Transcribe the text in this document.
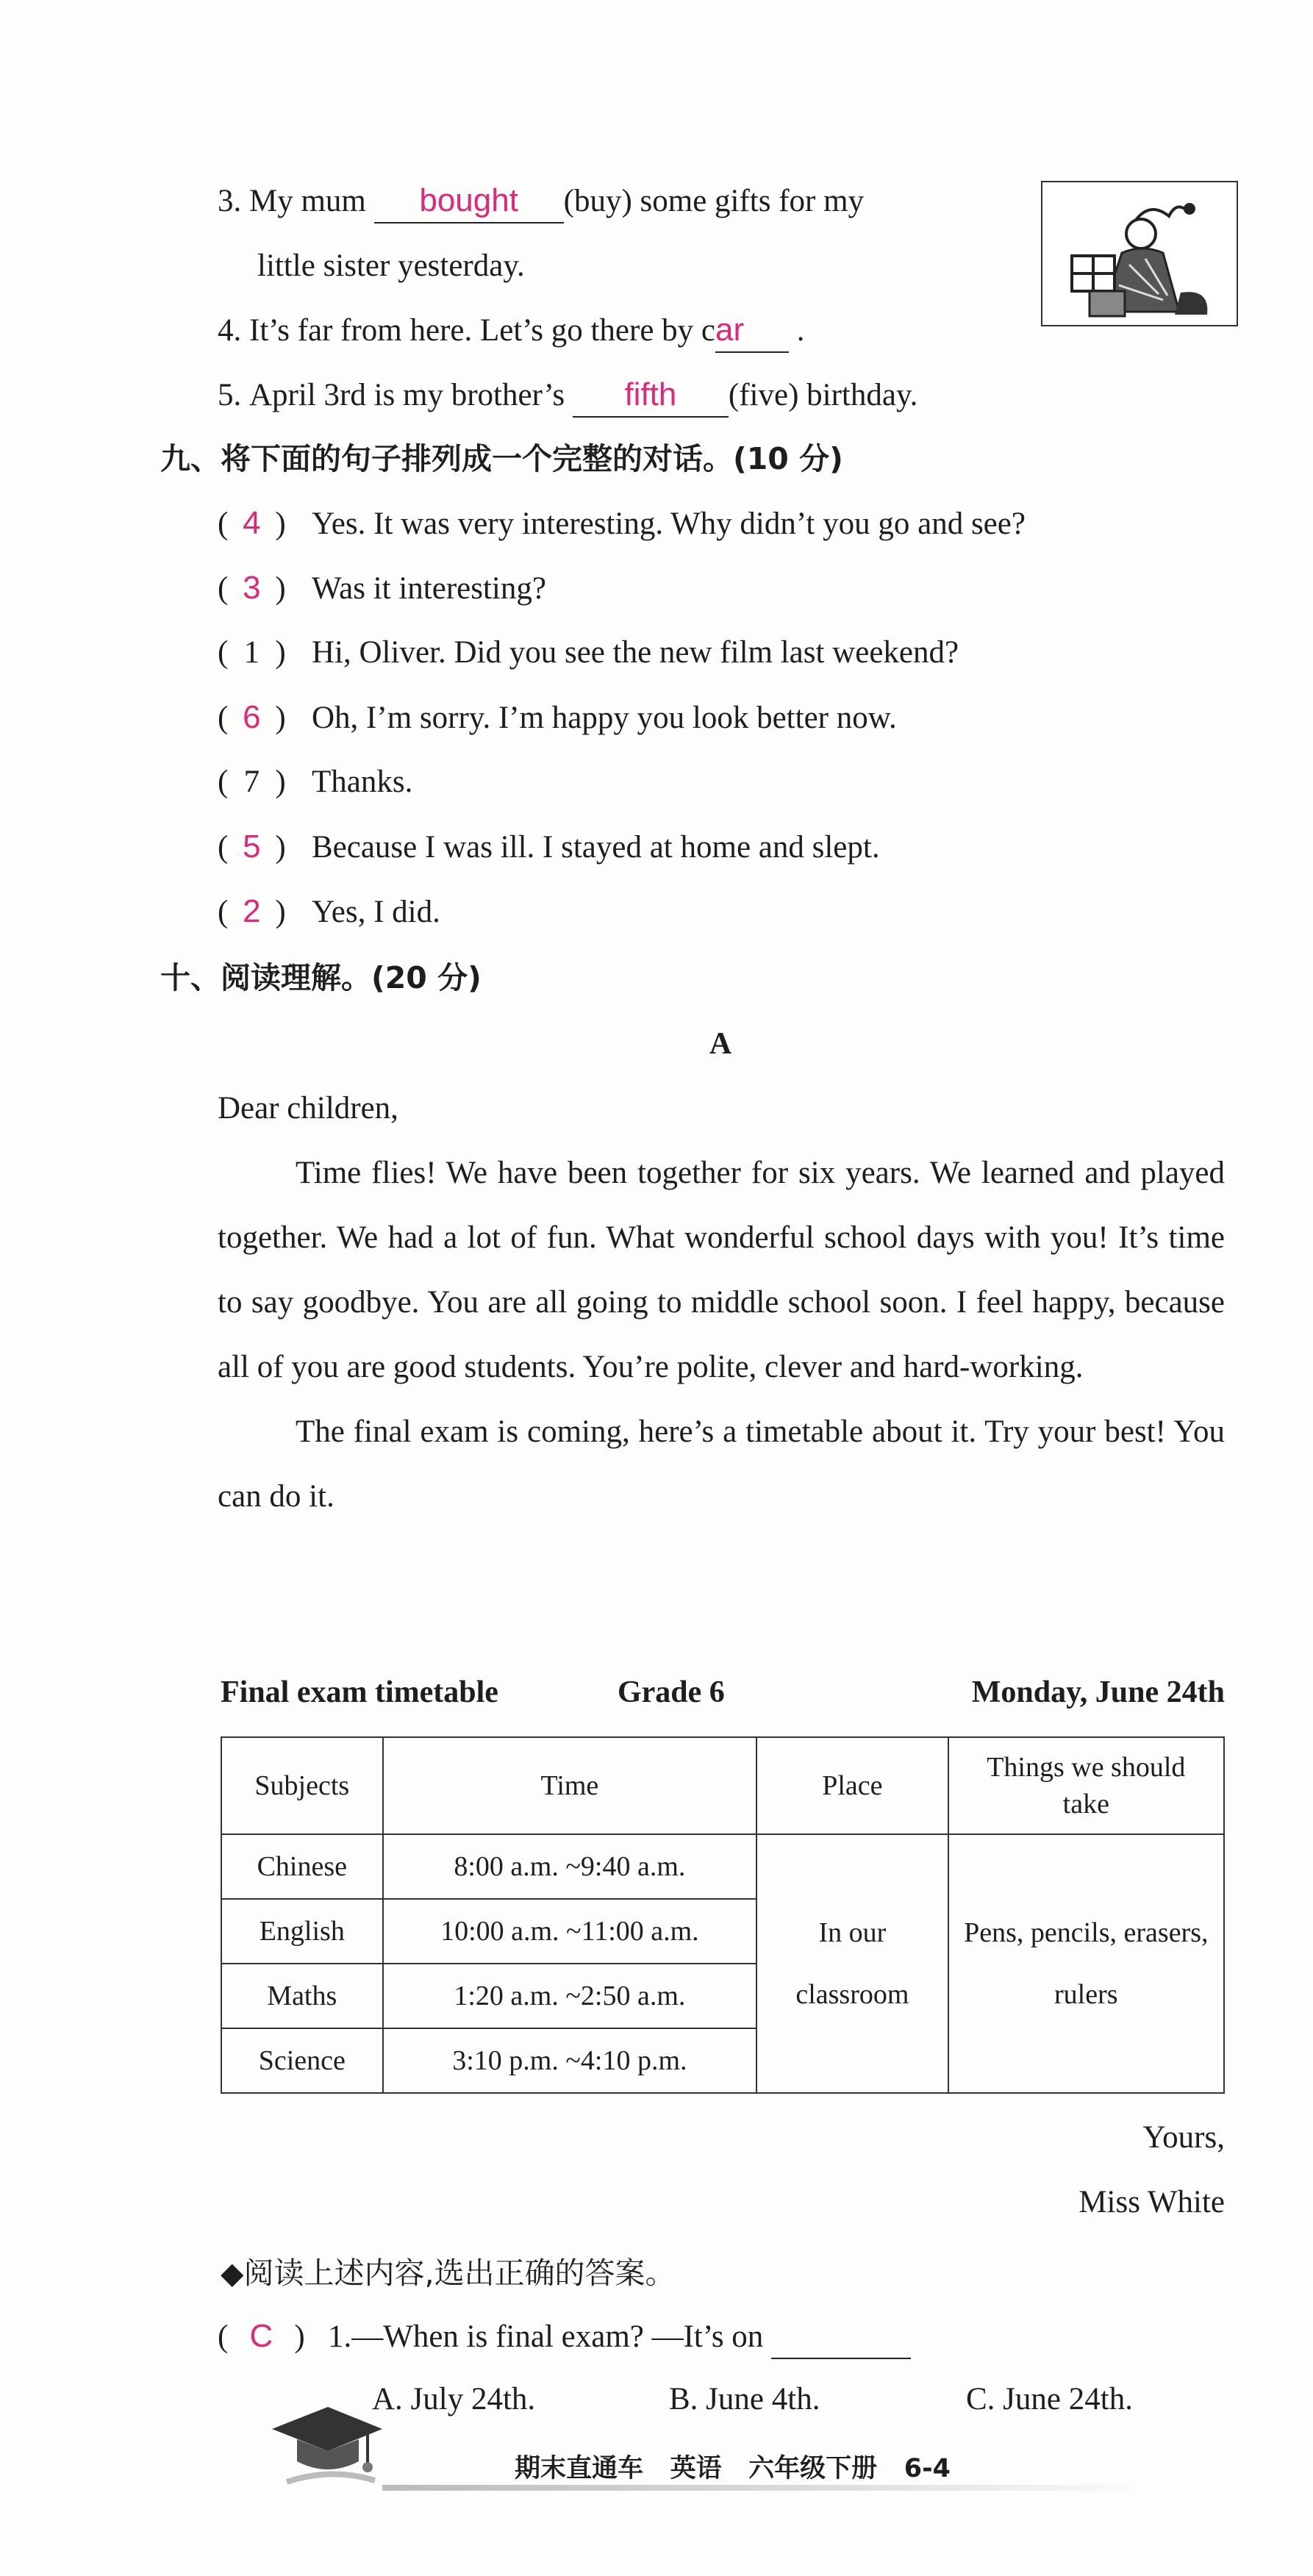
3. My mum bought (buy) some gifts for my
little sister yesterday.
4. It’s far from here. Let’s go there by car .
5. April 3rd is my brother’s fifth (five) birthday.
九、将下面的句子排列成一个完整的对话。(10 分)
( 4 ) Yes. It was very interesting. Why didn’t you go and see?
( 3 ) Was it interesting?
( 1 ) Hi, Oliver. Did you see the new film last weekend?
( 6 ) Oh, I’m sorry. I’m happy you look better now.
( 7 ) Thanks.
( 5 ) Because I was ill. I stayed at home and slept.
( 2 ) Yes, I did.
十、阅读理解。(20 分)
A
Dear children,

Time flies! We have been together for six years. We learned and played together. We had a lot of fun. What wonderful school days with you! It’s time to say goodbye. You are all going to middle school soon. I feel happy, because all of you are good students. You’re polite, clever and hard-working.

The final exam is coming, here’s a timetable about it. Try your best! You can do it.

Final exam timetable	Grade 6	Monday, June 24th
Subjects	Time	Place	Things we should take
Chinese	8:00 a.m. ~9:40 a.m.	In our classroom	Pens, pencils, erasers, rulers
English	10:00 a.m. ~11:00 a.m.		
Maths	1:20 a.m. ~2:50 a.m.		
Science	3:10 p.m. ~4:10 p.m.		
Yours,
Miss White
◆阅读上述内容,选出正确的答案。
( C ) 1.—When is final exam? —It’s on
A. July 24th.	B. June 4th.	C. June 24th.
期末直通车 英语 六年级下册 6-4
